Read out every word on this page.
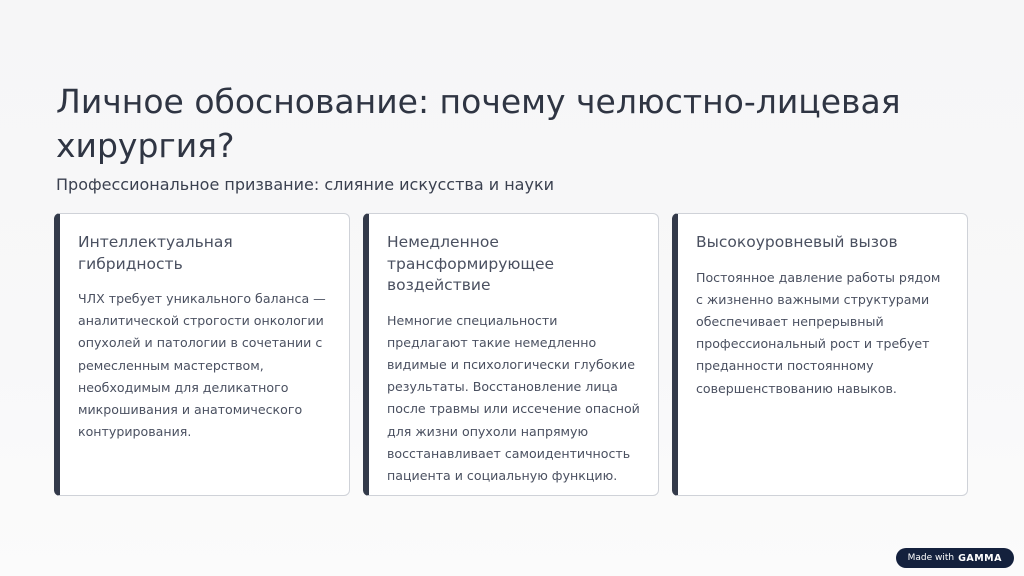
Личное обоснование: почему челюстно-лицевая хирургия?

Профессиональное призвание: слияние искусства и науки

Интеллектуальная гибридность

ЧЛХ требует уникального баланса — аналитической строгости онкологии опухолей и патологии в сочетании с ремесленным мастерством, необходимым для деликатного микрошивания и анатомического контурирования.

Немедленное трансформирующее воздействие

Немногие специальности предлагают такие немедленно видимые и психологически глубокие результаты. Восстановление лица после травмы или иссечение опасной для жизни опухоли напрямую восстанавливает самоидентичность пациента и социальную функцию.

Высокоуровневый вызов

Постоянное давление работы рядом с жизненно важными структурами обеспечивает непрерывный профессиональный рост и требует преданности постоянному совершенствованию навыков.

Made with GAMMA
